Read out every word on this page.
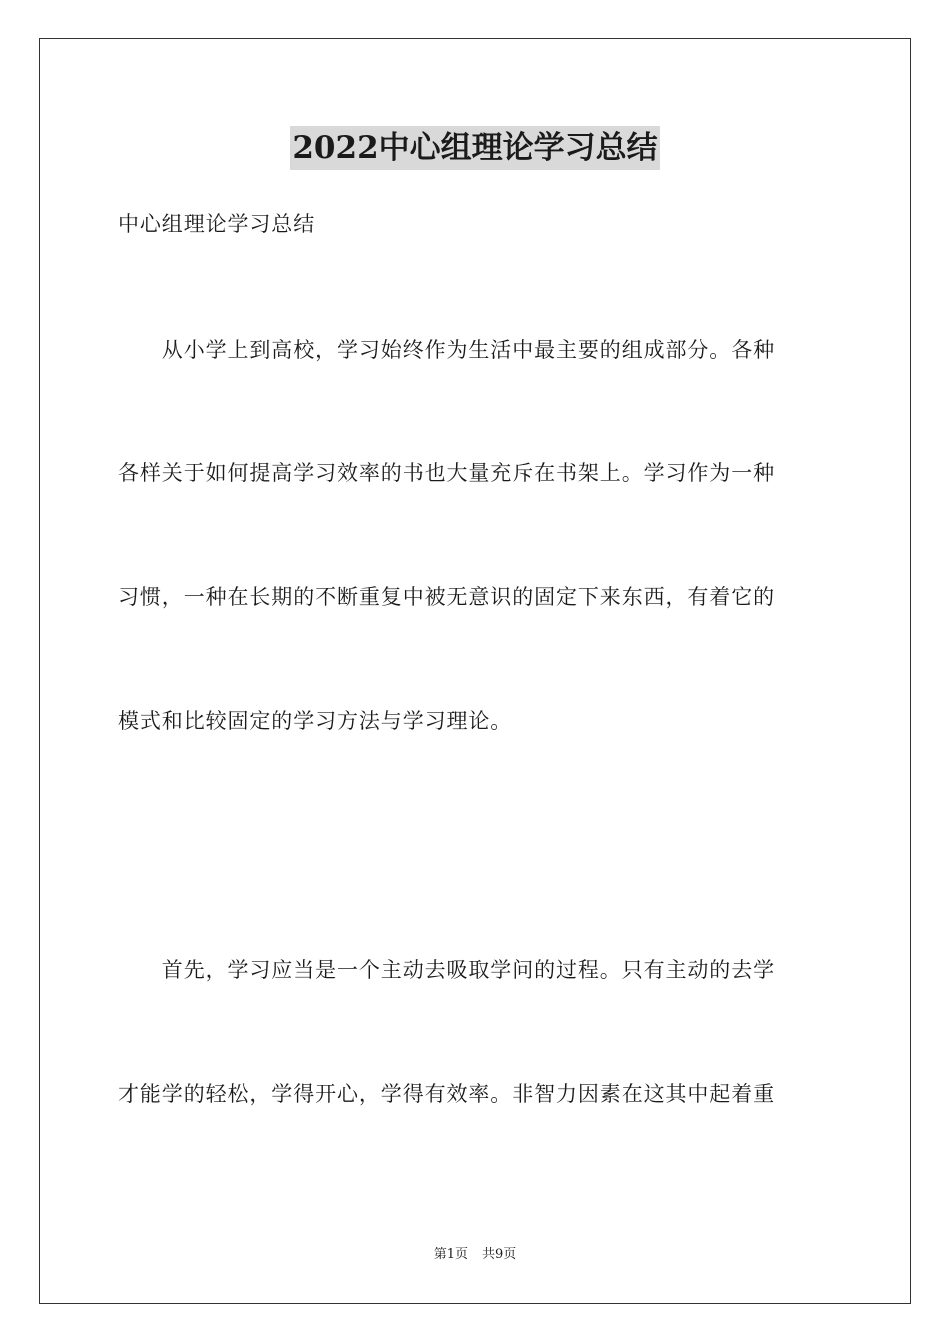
2022中心组理论学习总结
中心组理论学习总结
　　从小学上到高校，学习始终作为生活中最主要的组成部分。各种
各样关于如何提高学习效率的书也大量充斥在书架上。学习作为一种
习惯，一种在长期的不断重复中被无意识的固定下来东西，有着它的
模式和比较固定的学习方法与学习理论。
　　首先，学习应当是一个主动去吸取学问的过程。只有主动的去学
才能学的轻松，学得开心，学得有效率。非智力因素在这其中起着重
第1页 共9页
